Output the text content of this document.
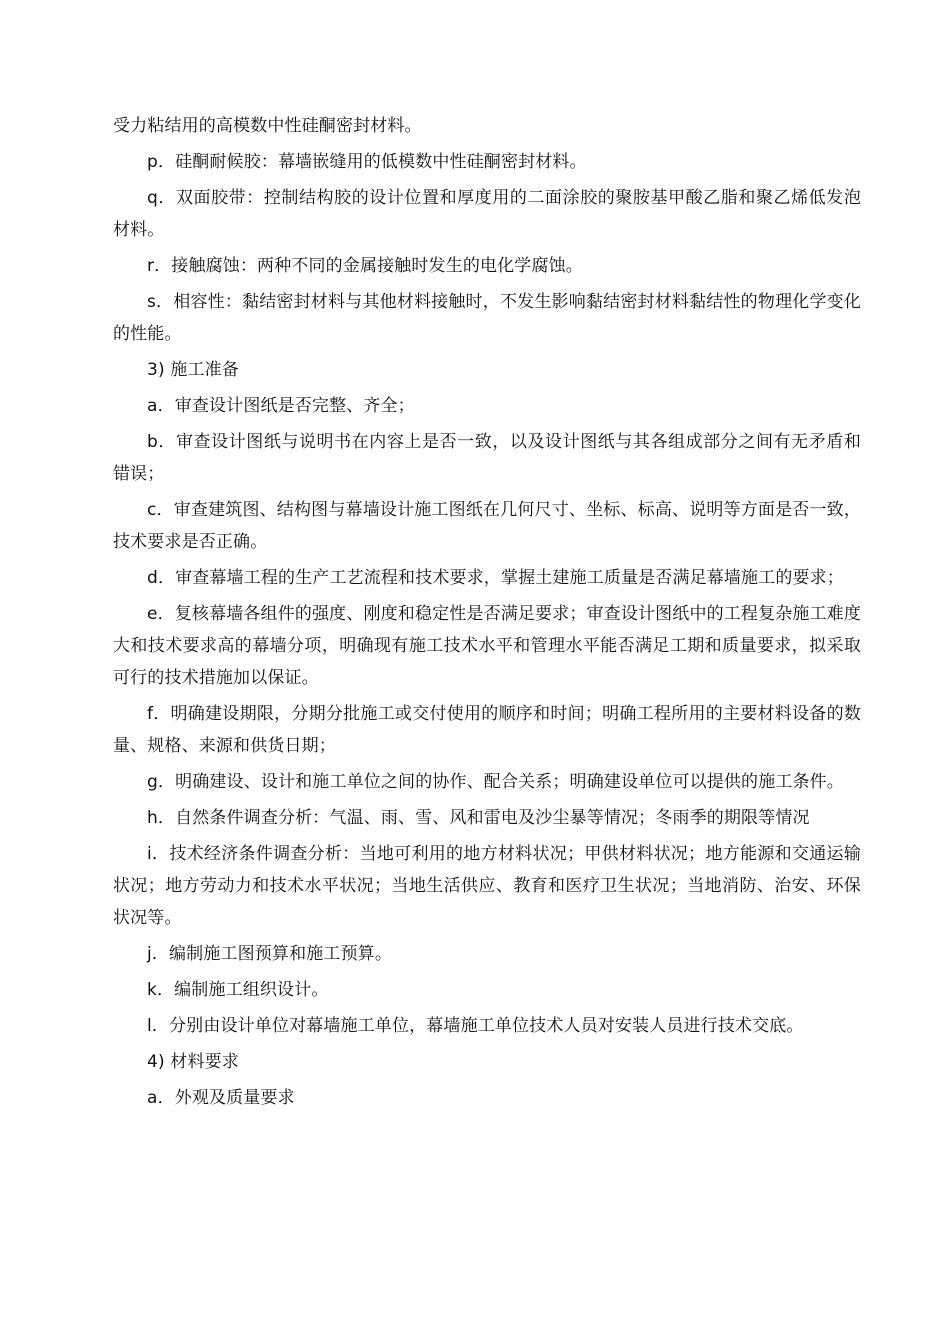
受力粘结用的高模数中性硅酮密封材料。

p．硅酮耐候胶：幕墙嵌缝用的低模数中性硅酮密封材料。

q．双面胶带：控制结构胶的设计位置和厚度用的二面涂胶的聚胺基甲酸乙脂和聚乙烯低发泡材料。

r．接触腐蚀：两种不同的金属接触时发生的电化学腐蚀。

s．相容性：黏结密封材料与其他材料接触时，不发生影响黏结密封材料黏结性的物理化学变化的性能。

3) 施工准备

a．审查设计图纸是否完整、齐全；

b．审查设计图纸与说明书在内容上是否一致，以及设计图纸与其各组成部分之间有无矛盾和错误；

c．审查建筑图、结构图与幕墙设计施工图纸在几何尺寸、坐标、标高、说明等方面是否一致，技术要求是否正确。

d．审查幕墙工程的生产工艺流程和技术要求，掌握土建施工质量是否满足幕墙施工的要求；

e．复核幕墙各组件的强度、刚度和稳定性是否满足要求；审查设计图纸中的工程复杂施工难度大和技术要求高的幕墙分项，明确现有施工技术水平和管理水平能否满足工期和质量要求，拟采取可行的技术措施加以保证。

f．明确建设期限，分期分批施工或交付使用的顺序和时间；明确工程所用的主要材料设备的数量、规格、来源和供货日期；

g．明确建设、设计和施工单位之间的协作、配合关系；明确建设单位可以提供的施工条件。

h．自然条件调查分析：气温、雨、雪、风和雷电及沙尘暴等情况；冬雨季的期限等情况

i．技术经济条件调查分析：当地可利用的地方材料状况；甲供材料状况；地方能源和交通运输状况；地方劳动力和技术水平状况；当地生活供应、教育和医疗卫生状况；当地消防、治安、环保状况等。

j．编制施工图预算和施工预算。

k．编制施工组织设计。

l．分别由设计单位对幕墙施工单位，幕墙施工单位技术人员对安装人员进行技术交底。

4) 材料要求

a．外观及质量要求
